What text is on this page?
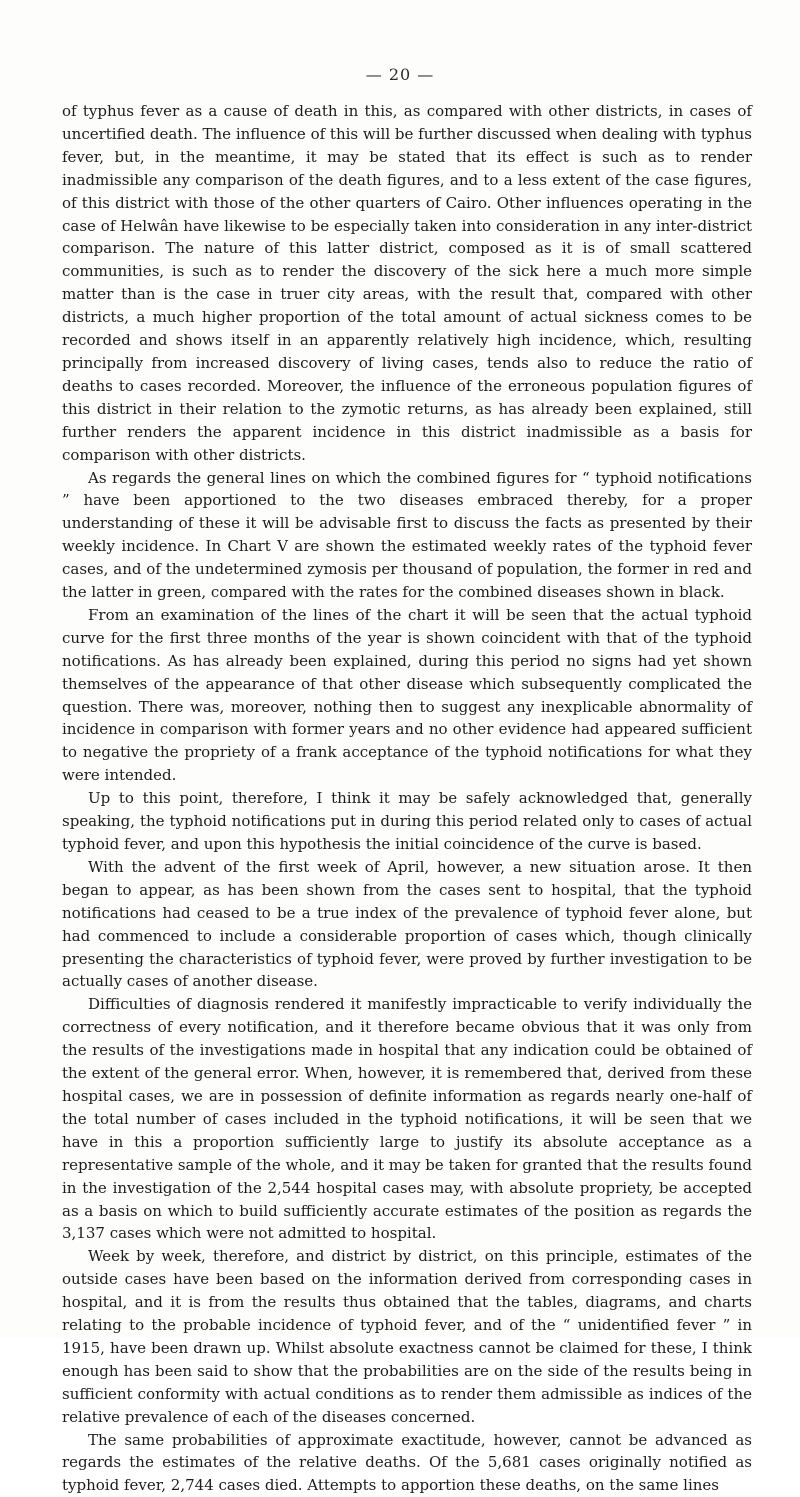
— 20 —

of typhus fever as a cause of death in this, as compared with other districts, in cases of uncertified death. The influence of this will be further discussed when dealing with typhus fever, but, in the meantime, it may be stated that its effect is such as to render inadmissible any comparison of the death figures, and to a less extent of the case figures, of this district with those of the other quarters of Cairo. Other influences operating in the case of Helwân have likewise to be especially taken into consideration in any inter-district comparison. The nature of this latter district, composed as it is of small scattered communities, is such as to render the discovery of the sick here a much more simple matter than is the case in truer city areas, with the result that, compared with other districts, a much higher proportion of the total amount of actual sickness comes to be recorded and shows itself in an apparently relatively high incidence, which, resulting principally from increased discovery of living cases, tends also to reduce the ratio of deaths to cases recorded. Moreover, the influence of the erroneous population figures of this district in their relation to the zymotic returns, as has already been explained, still further renders the apparent incidence in this district inadmissible as a basis for comparison with other districts.

As regards the general lines on which the combined figures for “ typhoid notifications ” have been apportioned to the two diseases embraced thereby, for a proper understanding of these it will be advisable first to discuss the facts as presented by their weekly incidence. In Chart V are shown the estimated weekly rates of the typhoid fever cases, and of the undetermined zymosis per thousand of population, the former in red and the latter in green, compared with the rates for the combined diseases shown in black.

From an examination of the lines of the chart it will be seen that the actual typhoid curve for the first three months of the year is shown coincident with that of the typhoid notifications. As has already been explained, during this period no signs had yet shown themselves of the appearance of that other disease which subsequently complicated the question. There was, moreover, nothing then to suggest any inexplicable abnormality of incidence in comparison with former years and no other evidence had appeared sufficient to negative the propriety of a frank acceptance of the typhoid notifications for what they were intended.

Up to this point, therefore, I think it may be safely acknowledged that, generally speaking, the typhoid notifications put in during this period related only to cases of actual typhoid fever, and upon this hypothesis the initial coincidence of the curve is based.

With the advent of the first week of April, however, a new situation arose. It then began to appear, as has been shown from the cases sent to hospital, that the typhoid notifications had ceased to be a true index of the prevalence of typhoid fever alone, but had commenced to include a considerable proportion of cases which, though clinically presenting the characteristics of typhoid fever, were proved by further investigation to be actually cases of another disease.

Difficulties of diagnosis rendered it manifestly impracticable to verify individually the correctness of every notification, and it therefore became obvious that it was only from the results of the investigations made in hospital that any indication could be obtained of the extent of the general error. When, however, it is remembered that, derived from these hospital cases, we are in possession of definite information as regards nearly one-half of the total number of cases included in the typhoid notifications, it will be seen that we have in this a proportion sufficiently large to justify its absolute acceptance as a representative sample of the whole, and it may be taken for granted that the results found in the investigation of the 2,544 hospital cases may, with absolute propriety, be accepted as a basis on which to build sufficiently accurate estimates of the position as regards the 3,137 cases which were not admitted to hospital.

Week by week, therefore, and district by district, on this principle, estimates of the outside cases have been based on the information derived from corresponding cases in hospital, and it is from the results thus obtained that the tables, diagrams, and charts relating to the probable incidence of typhoid fever, and of the “ unidentified fever ” in 1915, have been drawn up. Whilst absolute exactness cannot be claimed for these, I think enough has been said to show that the probabilities are on the side of the results being in sufficient conformity with actual conditions as to render them admissible as indices of the relative prevalence of each of the diseases concerned.

The same probabilities of approximate exactitude, however, cannot be advanced as regards the estimates of the relative deaths. Of the 5,681 cases originally notified as typhoid fever, 2,744 cases died. Attempts to apportion these deaths, on the same lines
